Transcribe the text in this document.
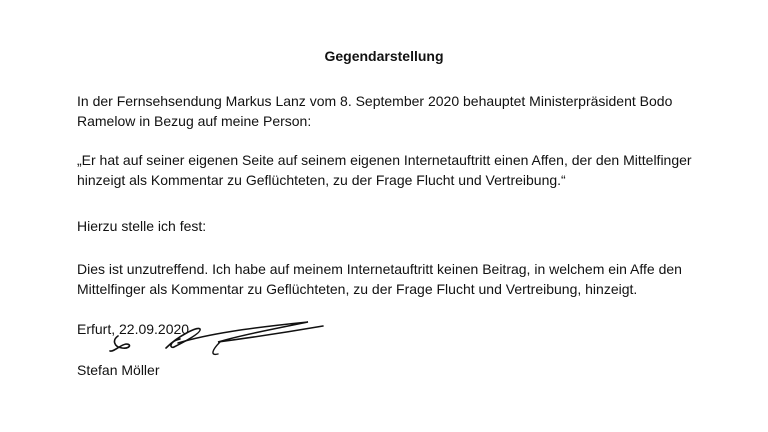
Gegendarstellung
In der Fernsehsendung Markus Lanz vom 8. September 2020 behauptet Ministerpräsident Bodo Ramelow in Bezug auf meine Person:
„Er hat auf seiner eigenen Seite auf seinem eigenen Internetauftritt einen Affen, der den Mittelfinger hinzeigt als Kommentar zu Geflüchteten, zu der Frage Flucht und Vertreibung.“
Hierzu stelle ich fest:
Dies ist unzutreffend. Ich habe auf meinem Internetauftritt keinen Beitrag, in welchem ein Affe den Mittelfinger als Kommentar zu Geflüchteten, zu der Frage Flucht und Vertreibung, hinzeigt.
Erfurt, 22.09.2020
Stefan Möller
